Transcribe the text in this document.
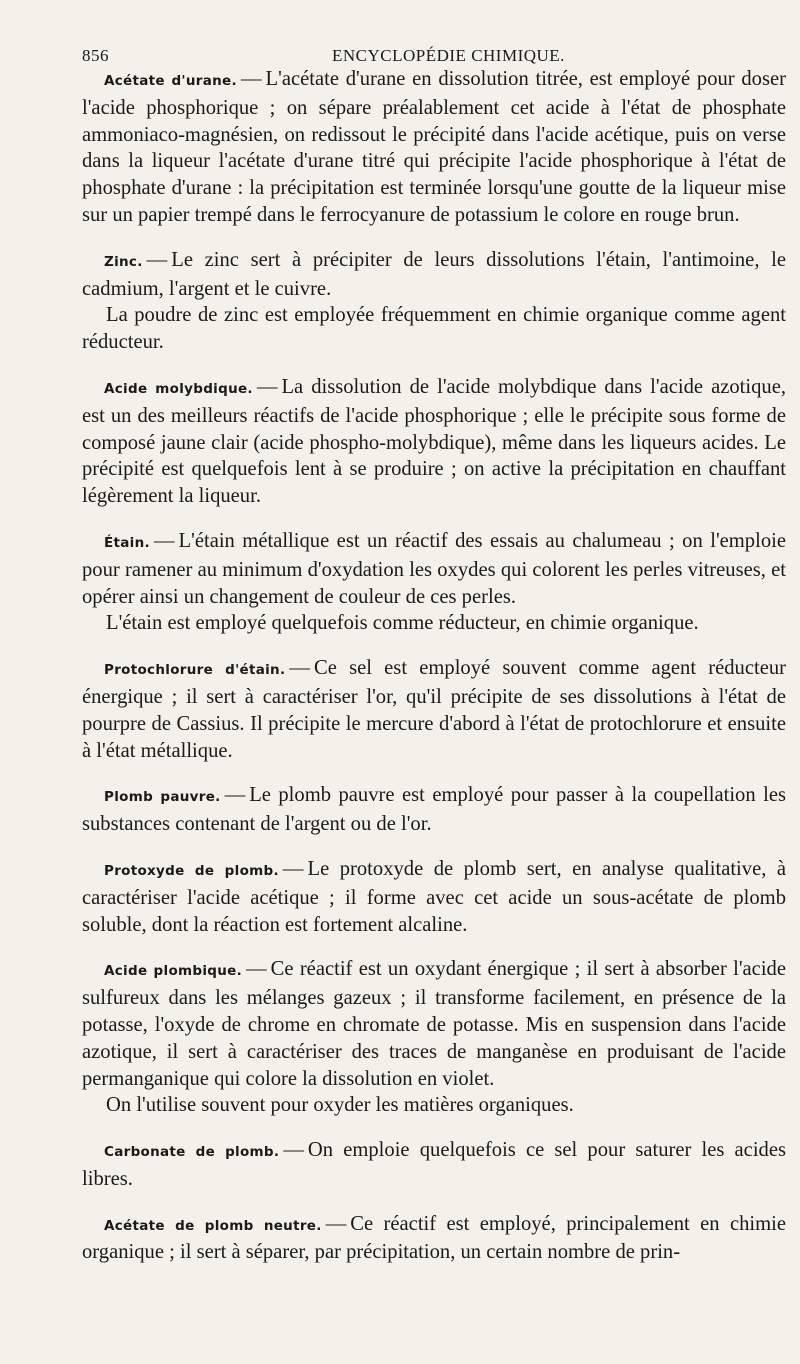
856	ENCYCLOPÉDIE CHIMIQUE.

Acétate d'urane. — L'acétate d'urane en dissolution titrée, est employé pour doser l'acide phosphorique ; on sépare préalablement cet acide à l'état de phosphate ammoniaco-magnésien, on redissout le précipité dans l'acide acétique, puis on verse dans la liqueur l'acétate d'urane titré qui précipite l'acide phosphorique à l'état de phosphate d'urane : la précipitation est terminée lorsqu'une goutte de la liqueur mise sur un papier trempé dans le ferrocyanure de potassium le colore en rouge brun.

Zinc. — Le zinc sert à précipiter de leurs dissolutions l'étain, l'antimoine, le cadmium, l'argent et le cuivre.

La poudre de zinc est employée fréquemment en chimie organique comme agent réducteur.

Acide molybdique. — La dissolution de l'acide molybdique dans l'acide azotique, est un des meilleurs réactifs de l'acide phosphorique ; elle le précipite sous forme de composé jaune clair (acide phospho-molybdique), même dans les liqueurs acides. Le précipité est quelquefois lent à se produire ; on active la précipitation en chauffant légèrement la liqueur.

Étain. — L'étain métallique est un réactif des essais au chalumeau ; on l'emploie pour ramener au minimum d'oxydation les oxydes qui colorent les perles vitreuses, et opérer ainsi un changement de couleur de ces perles.

L'étain est employé quelquefois comme réducteur, en chimie organique.

Protochlorure d'étain. — Ce sel est employé souvent comme agent réducteur énergique ; il sert à caractériser l'or, qu'il précipite de ses dissolutions à l'état de pourpre de Cassius. Il précipite le mercure d'abord à l'état de protochlorure et ensuite à l'état métallique.

Plomb pauvre. — Le plomb pauvre est employé pour passer à la coupellation les substances contenant de l'argent ou de l'or.

Protoxyde de plomb. — Le protoxyde de plomb sert, en analyse qualitative, à caractériser l'acide acétique ; il forme avec cet acide un sous-acétate de plomb soluble, dont la réaction est fortement alcaline.

Acide plombique. — Ce réactif est un oxydant énergique ; il sert à absorber l'acide sulfureux dans les mélanges gazeux ; il transforme facilement, en présence de la potasse, l'oxyde de chrome en chromate de potasse. Mis en suspension dans l'acide azotique, il sert à caractériser des traces de manganèse en produisant de l'acide permanganique qui colore la dissolution en violet.

On l'utilise souvent pour oxyder les matières organiques.

Carbonate de plomb. — On emploie quelquefois ce sel pour saturer les acides libres.

Acétate de plomb neutre. — Ce réactif est employé, principalement en chimie organique ; il sert à séparer, par précipitation, un certain nombre de prin-
